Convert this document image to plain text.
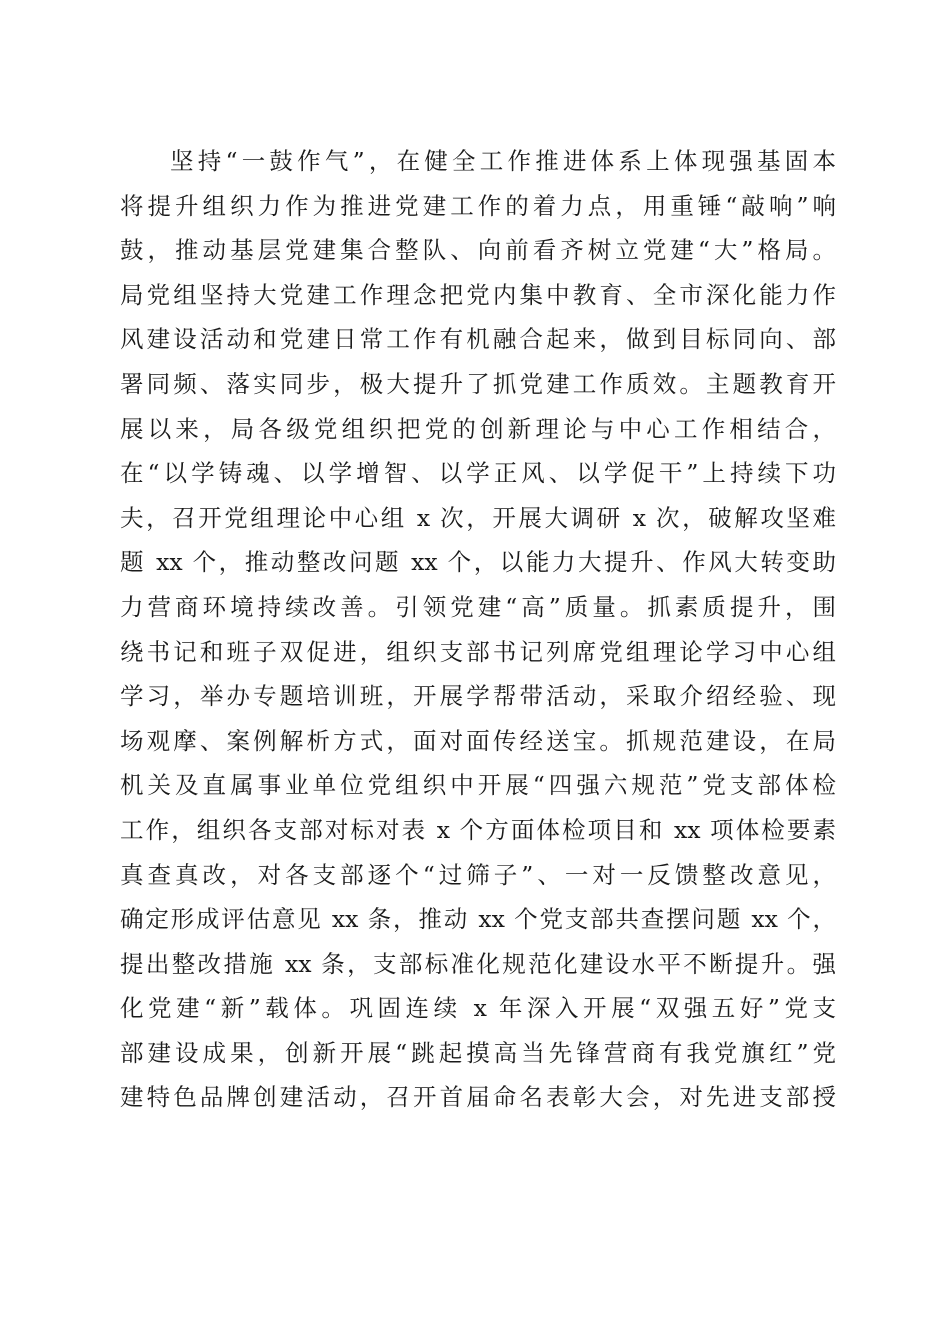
坚持“一鼓作气”，在健全工作推进体系上体现强基固本
将提升组织力作为推进党建工作的着力点，用重锤“敲响”响
鼓，推动基层党建集合整队、向前看齐树立党建“大”格局。
局党组坚持大党建工作理念把党内集中教育、全市深化能力作
风建设活动和党建日常工作有机融合起来，做到目标同向、部
署同频、落实同步，极大提升了抓党建工作质效。主题教育开
展以来，局各级党组织把党的创新理论与中心工作相结合，
在“以学铸魂、以学增智、以学正风、以学促干”上持续下功
夫，召开党组理论中心组 x 次，开展大调研 x 次，破解攻坚难
题 xx 个，推动整改问题 xx 个，以能力大提升、作风大转变助
力营商环境持续改善。引领党建“高”质量。抓素质提升，围
绕书记和班子双促进，组织支部书记列席党组理论学习中心组
学习，举办专题培训班，开展学帮带活动，采取介绍经验、现
场观摩、案例解析方式，面对面传经送宝。抓规范建设，在局
机关及直属事业单位党组织中开展“四强六规范”党支部体检
工作，组织各支部对标对表 x 个方面体检项目和 xx 项体检要素
真查真改，对各支部逐个“过筛子”、一对一反馈整改意见，
确定形成评估意见 xx 条，推动 xx 个党支部共查摆问题 xx 个，
提出整改措施 xx 条，支部标准化规范化建设水平不断提升。强
化党建“新”载体。巩固连续 x 年深入开展“双强五好”党支
部建设成果，创新开展“跳起摸高当先锋营商有我党旗红”党
建特色品牌创建活动，召开首届命名表彰大会，对先进支部授
